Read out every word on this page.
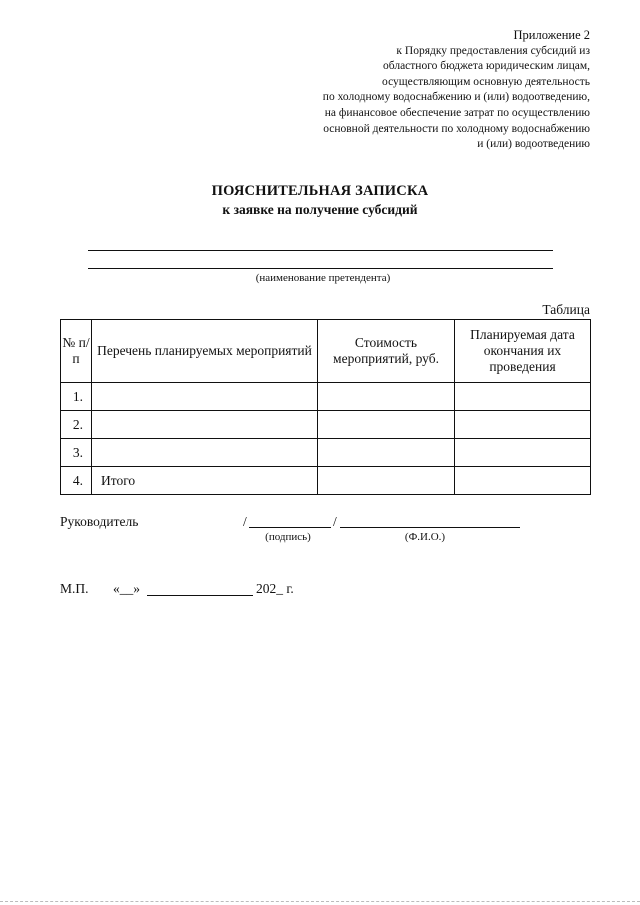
Приложение 2
к Порядку предоставления субсидий из
областного бюджета юридическим лицам,
осуществляющим основную деятельность
по холодному водоснабжению и (или) водоотведению,
на финансовое обеспечение затрат по осуществлению
основной деятельности по холодному водоснабжению
и (или) водоотведению
ПОЯСНИТЕЛЬНАЯ ЗАПИСКА
к заявке на получение субсидий
(наименование претендента)
Таблица
№ п/п	Перечень планируемых мероприятий	Стоимость мероприятий, руб.	Планируемая дата окончания их проведения
1.			
2.			
3.			
4.	Итого		
Руководитель	/	/
(подпись)	(Ф.И.О.)
М.П. «__»	202_ г.
